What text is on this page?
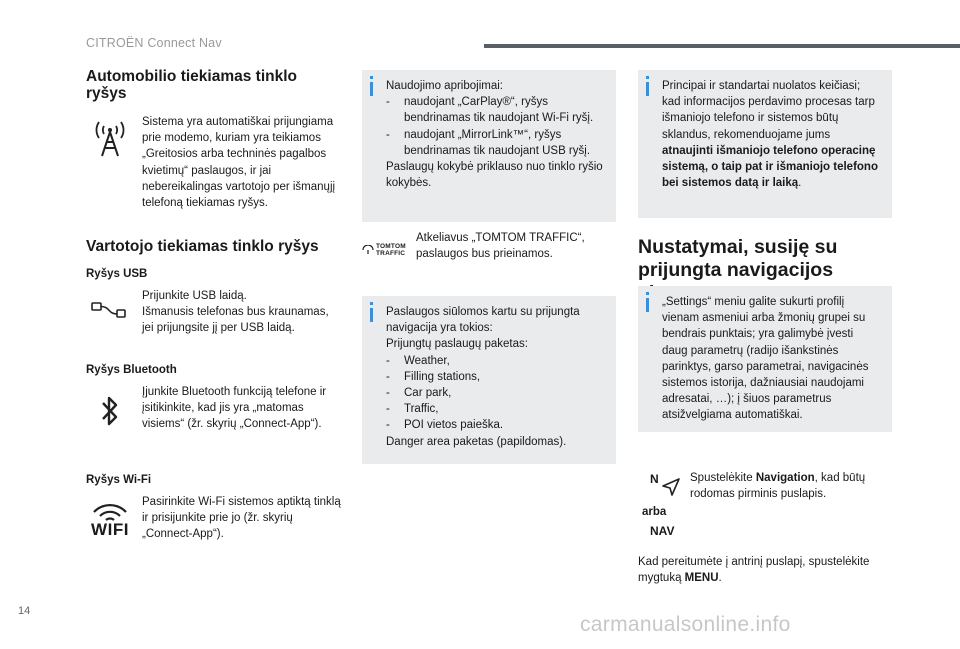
CITROËN Connect Nav
Automobilio tiekiamas tinklo
ryšys
Sistema yra automatiškai prijungiama prie modemo, kuriam yra teikiamos „Greitosios arba techninės pagalbos kvietimų“ paslaugos, ir jai nebereikalingas vartotojo per išmanųjį telefoną tiekiamas ryšys.
Vartotojo tiekiamas tinklo ryšys
Ryšys USB
Prijunkite USB laidą.
Išmanusis telefonas bus kraunamas, jei prijungsite jį per USB laidą.
Ryšys Bluetooth
Įjunkite Bluetooth funkciją telefone ir įsitikinkite, kad jis yra „matomas visiems“ (žr. skyrių „Connect-App“).
Ryšys Wi-Fi
WIFI
Pasirinkite Wi-Fi sistemos aptiktą tinklą ir prisijunkite prie jo (žr. skyrių „Connect-App“).
Naudojimo apribojimai:
- naudojant „CarPlay®“, ryšys bendrinamas tik naudojant Wi-Fi ryšį.
- naudojant „MirrorLink™“, ryšys bendrinamas tik naudojant USB ryšį.
Paslaugų kokybė priklauso nuo tinklo ryšio kokybės.
TOMTOM
TRAFFIC
Atkeliavus „TOMTOM TRAFFIC“, paslaugos bus prieinamos.
Paslaugos siūlomos kartu su prijungta navigacija yra tokios:
Prijungtų paslaugų paketas:
- Weather,
- Filling stations,
- Car park,
- Traffic,
- POI vietos paieška.
Danger area paketas (papildomas).
Principai ir standartai nuolatos keičiasi; kad informacijos perdavimo procesas tarp išmaniojo telefono ir sistemos būtų sklandus, rekomenduojame jums atnaujinti išmaniojo telefono operacinę sistemą, o taip pat ir išmaniojo telefono bei sistemos datą ir laiką.
Nustatymai, susiję su
prijungta navigacijos
„Settings“ meniu galite sukurti profilį vienam asmeniui arba žmonių grupei su bendrais punktais; yra galimybė įvesti daug parametrų (radijo išankstinės parinktys, garso parametrai, navigacinės sistemos istorija, dažniausiai naudojami adresatai, …); į šiuos parametrus atsižvelgiama automatiškai.
N
arba
NAV
Spustelėkite Navigation, kad būtų rodomas pirminis puslapis.
Kad pereitumėte į antrinį puslapį, spustelėkite mygtuką MENU.
14
carmanualsonline.info
